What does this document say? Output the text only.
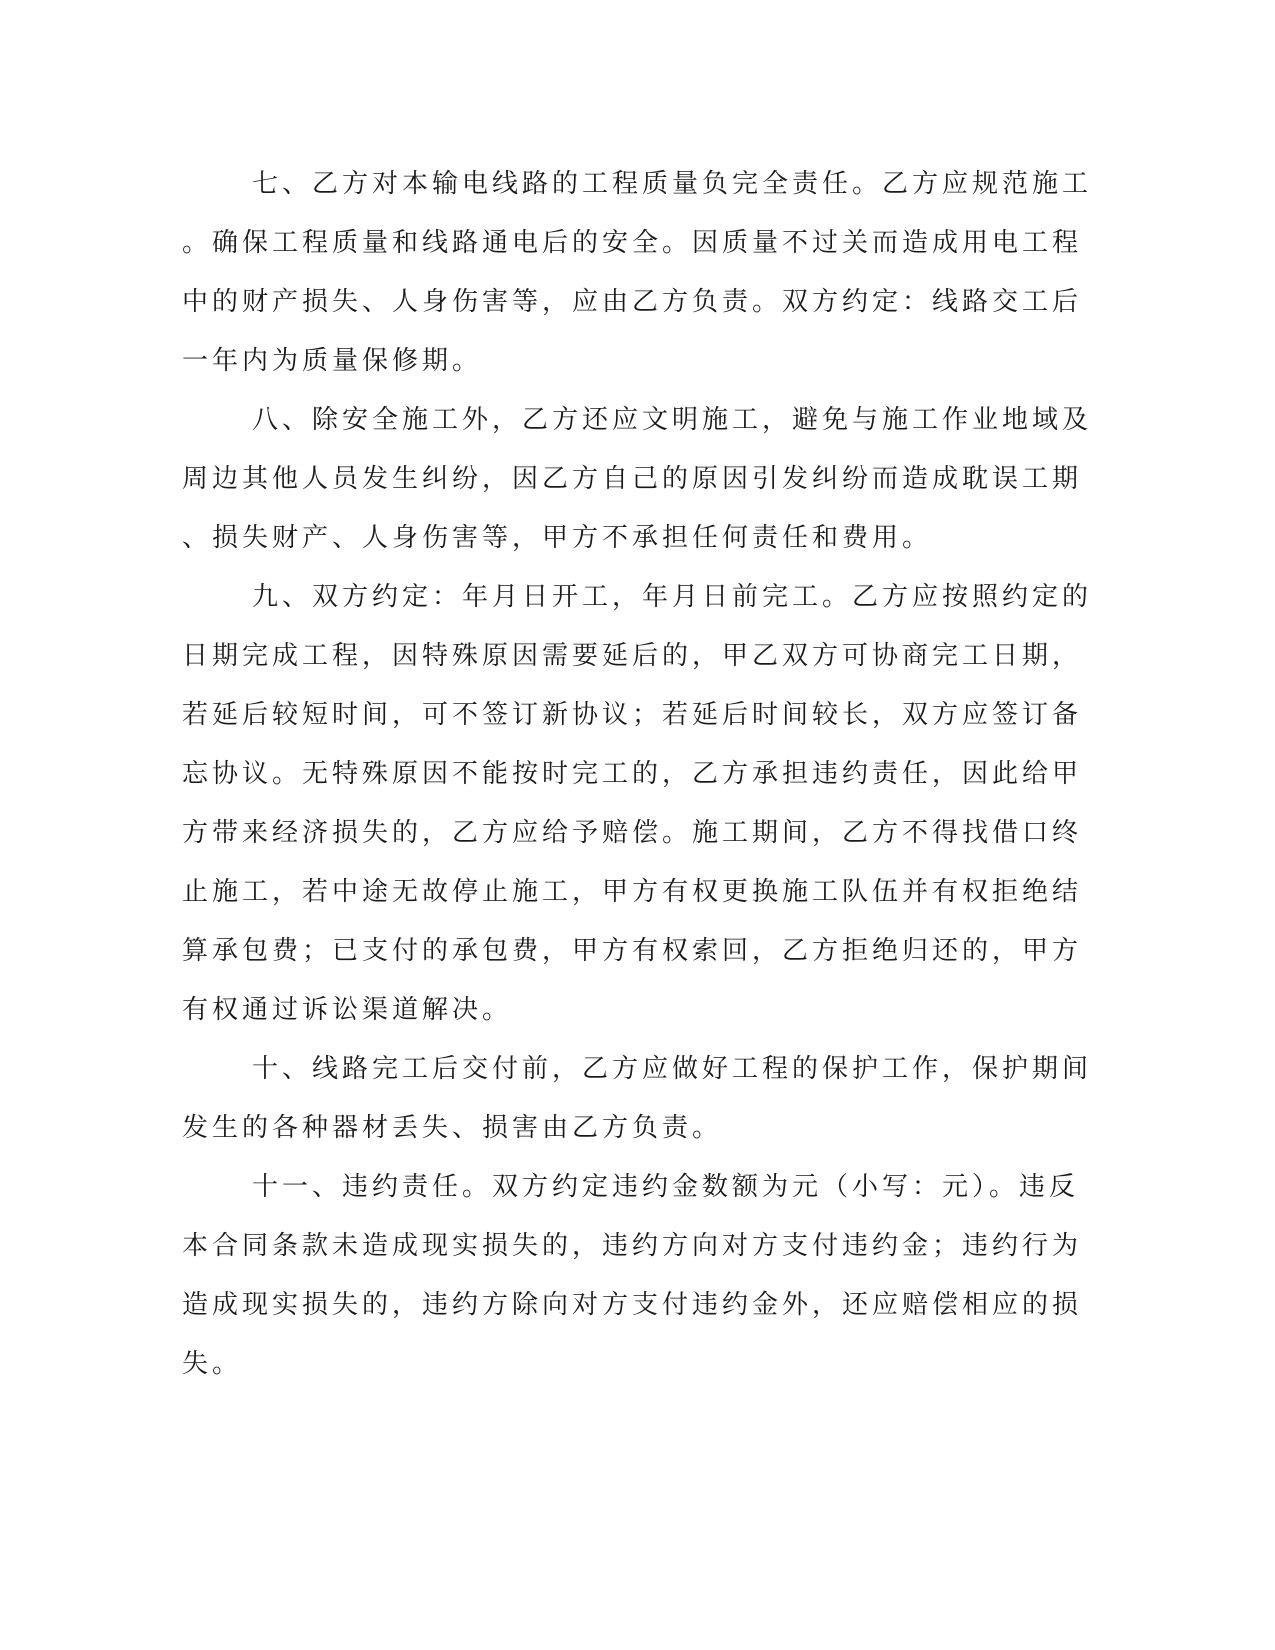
七、乙方对本输电线路的工程质量负完全责任。乙方应规范施工
。确保工程质量和线路通电后的安全。因质量不过关而造成用电工程
中的财产损失、人身伤害等，应由乙方负责。双方约定：线路交工后
一年内为质量保修期。
八、除安全施工外，乙方还应文明施工，避免与施工作业地域及
周边其他人员发生纠纷，因乙方自己的原因引发纠纷而造成耽误工期
、损失财产、人身伤害等，甲方不承担任何责任和费用。
九、双方约定：年月日开工，年月日前完工。乙方应按照约定的
日期完成工程，因特殊原因需要延后的，甲乙双方可协商完工日期，
若延后较短时间，可不签订新协议；若延后时间较长，双方应签订备
忘协议。无特殊原因不能按时完工的，乙方承担违约责任，因此给甲
方带来经济损失的，乙方应给予赔偿。施工期间，乙方不得找借口终
止施工，若中途无故停止施工，甲方有权更换施工队伍并有权拒绝结
算承包费；已支付的承包费，甲方有权索回，乙方拒绝归还的，甲方
有权通过诉讼渠道解决。
十、线路完工后交付前，乙方应做好工程的保护工作，保护期间
发生的各种器材丢失、损害由乙方负责。
十一、违约责任。双方约定违约金数额为元（小写：元）。违反
本合同条款未造成现实损失的，违约方向对方支付违约金；违约行为
造成现实损失的，违约方除向对方支付违约金外，还应赔偿相应的损
失。
